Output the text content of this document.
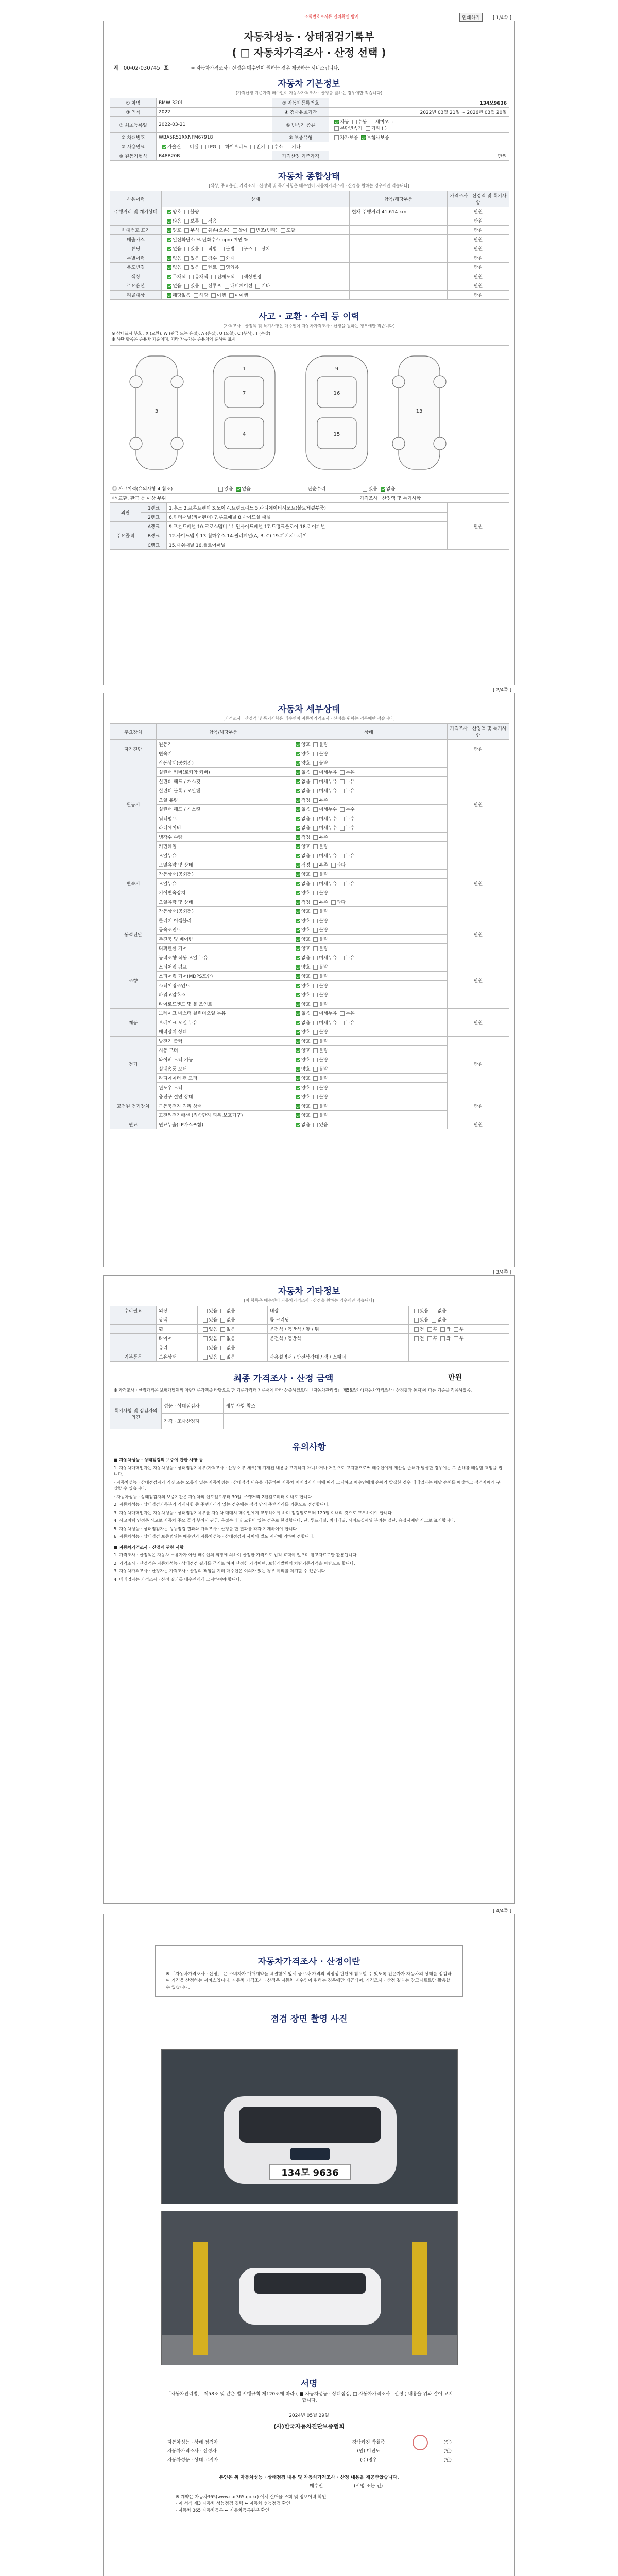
조회번호로서류 진위확인 방지	인쇄하기	[ 1/4쪽 ]
자동차성능 · 상태점검기록부
( □ 자동차가격조사 · 산정 선택 )
제 00-02-030745 호	※ 자동차가격조사 · 산정은 매수인이 원하는 경우 제공하는 서비스입니다.
자동차 기본정보
[가격산정 기준가격 매수인이 자동차가격조사 · 산정을 원하는 경우에만 적습니다]
① 차명	BMW 320i	② 자동차등록번호	134모9636
③ 연식	2022	④ 검사유효기간	2022년 03월 21일 ~ 2026년 03월 20일
⑤ 최초등록일	2022-03-21	⑥ 변속기 종류	자동 수동 세미오토
무단변속기 기타 ( )
⑦ 차대번호	WBA5R51XXNFM67918	⑧ 보증유형	자가보증 보험사보증
⑨ 사용연료	가솔린 디젤 LPG 하이브리드 전기 수소 기타		
⑩ 원동기형식	B48B20B	가격산정 기준가격	만원
자동차 종합상태
[색상, 주요옵션, 가격조사 · 산정액 및 특기사항은 매수인이 자동차가격조사 · 산정을 원하는 경우에만 적습니다]
사용이력	상태	항목/해당부품	가격조사 · 산정액 및 특기사항
주행거리 및 계기상태	양호 불량	현재 주행거리 41,614 km	만원
	많음 보통 적음		만원
차대번호 표기	양호 부식 훼손(오손) 상이 변조(변타) 도말		만원
배출가스	일산화탄소 % 탄화수소 ppm 매연 %		만원
튜닝	없음 있음 적법 불법 구조 장치		만원
특별이력	없음 있음 침수 화재		만원
용도변경	없음 있음 렌트 영업용		만원
색상	무채색 유채색 전체도색 색상변경		만원
주요옵션	없음 있음 선루프 내비게이션 기타		만원
리콜대상	해당없음 해당 이행 미이행		만원
사고 · 교환 · 수리 등 이력
[가격조사 · 산정액 및 특기사항은 매수인이 자동차가격조사 · 산정을 원하는 경우에만 적습니다]
※ 상태표시 부호 : X (교환), W (판금 또는 용접), A (흠집), U (요철), C (부식), T (손상)
※ 하단 항목은 승용차 기준이며, 기타 자동차는 승용차에 준하여 표시
1
7
4
9
16
15
3	13
⑪ 사고이력(유의사항 4 참조)	있음 없음	단순수리	있음 없음
⑫ 교환, 판금 등 이상 부위			가격조사 · 산정액 및 특기사항
외판	1랭크	1.후드 2.프론트펜더 3.도어 4.트렁크리드 5.라디에이터서포트(볼트체결부품)	만원
	2랭크	6.쿼터패널(리어펜더) 7.루프패널 8.사이드실 패널	
주요골격	A랭크	9.프론트패널 10.크로스멤버 11.인사이드패널 17.트렁크플로어 18.리어패널	
	B랭크	12.사이드멤버 13.휠하우스 14.필러패널(A, B, C) 19.패키지트레이	
	C랭크	15.대쉬패널 16.플로어패널	
[ 2/4쪽 ]
자동차 세부상태
[가격조사 · 산정액 및 특기사항은 매수인이 자동차가격조사 · 산정을 원하는 경우에만 적습니다]
주요장치	항목/해당부품	상태	가격조사 · 산정액 및 특기사항
자기진단	원동기	양호 불량	만원
	변속기	양호 불량	
원동기	작동상태(공회전)	양호 불량	만원
	실린더 커버(로커암 커버)	없음 미세누유 누유	
	실린더 헤드 / 개스킷	없음 미세누유 누유	
	실린더 블록 / 오일팬	없음 미세누유 누유	
	오일 유량	적정 부족	
	실린더 헤드 / 개스킷	없음 미세누수 누수	
	워터펌프	없음 미세누수 누수	
	라디에이터	없음 미세누수 누수	
	냉각수 수량	적정 부족	
	커먼레일	양호 불량	
변속기	오일누유	없음 미세누유 누유	만원
	오일유량 및 상태	적정 부족 과다	
	작동상태(공회전)	양호 불량	
	오일누유	없음 미세누유 누유	
	기어변속장치	양호 불량	
	오일유량 및 상태	적정 부족 과다	
	작동상태(공회전)	양호 불량	
동력전달	클러치 어셈블리	양호 불량	만원
	등속조인트	양호 불량	
	추진축 및 베어링	양호 불량	
	디퍼렌셜 기어	양호 불량	
조향	동력조향 작동 오일 누유	없음 미세누유 누유	만원
	스티어링 펌프	양호 불량	
	스티어링 기어(MDPS포함)	양호 불량	
	스티어링조인트	양호 불량	
	파워고압호스	양호 불량	
	타이로드엔드 및 볼 조인트	양호 불량	
제동	브레이크 마스터 실린더오일 누유	없음 미세누유 누유	만원
	브레이크 오일 누유	없음 미세누유 누유	
	배력장치 상태	양호 불량	
전기	발전기 출력	양호 불량	만원
	시동 모터	양호 불량	
	와이퍼 모터 기능	양호 불량	
	실내송풍 모터	양호 불량	
	라디에이터 팬 모터	양호 불량	
	윈도우 모터	양호 불량	
고전원 전기장치	충전구 절연 상태	양호 불량	만원
	구동축전지 격리 상태	양호 불량	
	고전원전기배선 (접속단자,피복,보호기구)	양호 불량	
연료	연료누출(LP가스포함)	없음 있음	만원
[ 3/4쪽 ]
자동차 기타정보
[이 항목은 매수인이 자동차가격조사 · 산정을 원하는 경우에만 적습니다]
수리필요	외장	있음 없음	내장	있음 없음
	광택	있음 없음	룸 크리닝	있음 없음
	휠	있음 없음	운전석 / 동반석 / 앞 / 뒤	전 후 좌 우
	타이어	있음 없음	운전석 / 동반석	전 후 좌 우
	유리	있음 없음		
기본품목	보유상태	있음 없음	사용설명서 / 안전삼각대 / 잭 / 스패너	
최종 가격조사 · 산정 금액	만원
※ 가격조사 · 산정가격은 보험개발원의 차량기준가액을 바탕으로 한 기준가격과 기준서에 따라 산출하였으며 「자동차관리법」 제58조의4(자동차가격조사 · 산정결과 통지)에 따른 기준을 적용하였음.
특기사항 및 점검자의 의견	성능 · 상태점검자	세부 사항 참조
	가격 · 조사산정자	
유의사항
■ 자동차성능 · 상태점검의 보증에 관한 사항 등
1. 자동차매매업자는 자동차성능 · 상태점검기록부(가격조사 · 산정 여부 체크)에 기재된 내용을 고지하지 아니하거나 거짓으로 고지함으로써 매수인에게 재산상 손해가 발생한 경우에는 그 손해를 배상할 책임을 집니다.
· 자동차성능 · 상태점검자가 거짓 또는 오류가 있는 자동차성능 · 상태점검 내용을 제공하여 자동차 매매업자가 이에 따라 고지하고 매수인에게 손해가 발생한 경우 매매업자는 해당 손해를 배상하고 점검자에게 구상할 수 있습니다.
· 자동차성능 · 상태점검자의 보증기간은 자동차의 인도일로부터 30일, 주행거리 2천킬로미터 이내로 합니다.
2. 자동차성능 · 상태점검기록부의 기재사항 중 주행거리가 있는 경우에는 점검 당시 주행거리를 기준으로 점검합니다.
3. 자동차매매업자는 자동차성능 · 상태점검기록부를 자동차 매매시 매수인에게 교부하여야 하며 점검일로부터 120일 이내의 것으로 교부하여야 합니다.
4. 사고이력 인정은 사고로 자동차 주요 골격 부위의 판금, 용접수리 및 교환이 있는 경우로 한정합니다. 단, 루프패널, 쿼터패널, 사이드실패널 부위는 절단, 용접시에만 사고로 표기합니다.
5. 자동차성능 · 상태점검자는 성능점검 결과와 가격조사 · 산정을 한 결과를 각각 기재하여야 합니다.
6. 자동차성능 · 상태점검 보증범위는 매수인과 자동차성능 · 상태점검자 사이의 별도 계약에 의하여 정합니다.
■ 자동차가격조사 · 산정에 관한 사항
1. 가격조사 · 산정액은 자동차 소유자가 아닌 매수인의 희망에 의하여 산정한 가격으로 법적 효력이 없으며 참고자료로만 활용됩니다.
2. 가격조사 · 산정액은 자동차성능 · 상태점검 결과를 근거로 하여 산정한 가격이며, 보험개발원의 차량기준가액을 바탕으로 합니다.
3. 자동차가격조사 · 산정자는 가격조사 · 산정의 책임을 지며 매수인은 이의가 있는 경우 이의를 제기할 수 있습니다.
4. 매매업자는 가격조사 · 산정 결과를 매수인에게 고지하여야 합니다.
[ 4/4쪽 ]
자동차가격조사 · 산정이란
※ 「자동차가격조사 · 산정」 은 소비자가 매매계약을 체결함에 앞서 중고차 가격의 적정성 판단에 참고할 수 있도록 전문가가 자동차의 상태를 점검하여 가격을 산정하는 서비스입니다. 자동차 가격조사 · 산정은 자동차 매수인이 원하는 경우에만 제공되며, 가격조사 · 산정 결과는 참고자료로만 활용할 수 있습니다.
점검 장면 촬영 사진
134모 9636
서명
「자동차관리법」 제58조 및 같은 법 시행규칙 제120조에 따라 ( ■ 자동차성능 · 상태점검, □ 자동차가격조사 · 산정 ) 내용을 위와 같이 고지합니다.
2024년 05월 29일
(사)한국자동차진단보증협회
자동차성능 · 상태 점검자	강남카진 박철종	(인)
자동차가격조사 · 산정자	(인) 미진도	(인)
자동차성능 · 상태 고지자	(주)명우	(인)
본인은 위 자동차성능 · 상태점검 내용 및 자동차가격조사 · 산정 내용을 제공받았습니다.
매수인	(서명 또는 인)
※ 계약은 자동차365(www.car365.go.kr) 에서 실매물 조회 및 정보이력 확인
· 이 서식 제3 자동차 성능점검 경력 ← 자동차 성능점검 확인
· 자동차 365 자동차등록 ← 자동차등록원부 확인
